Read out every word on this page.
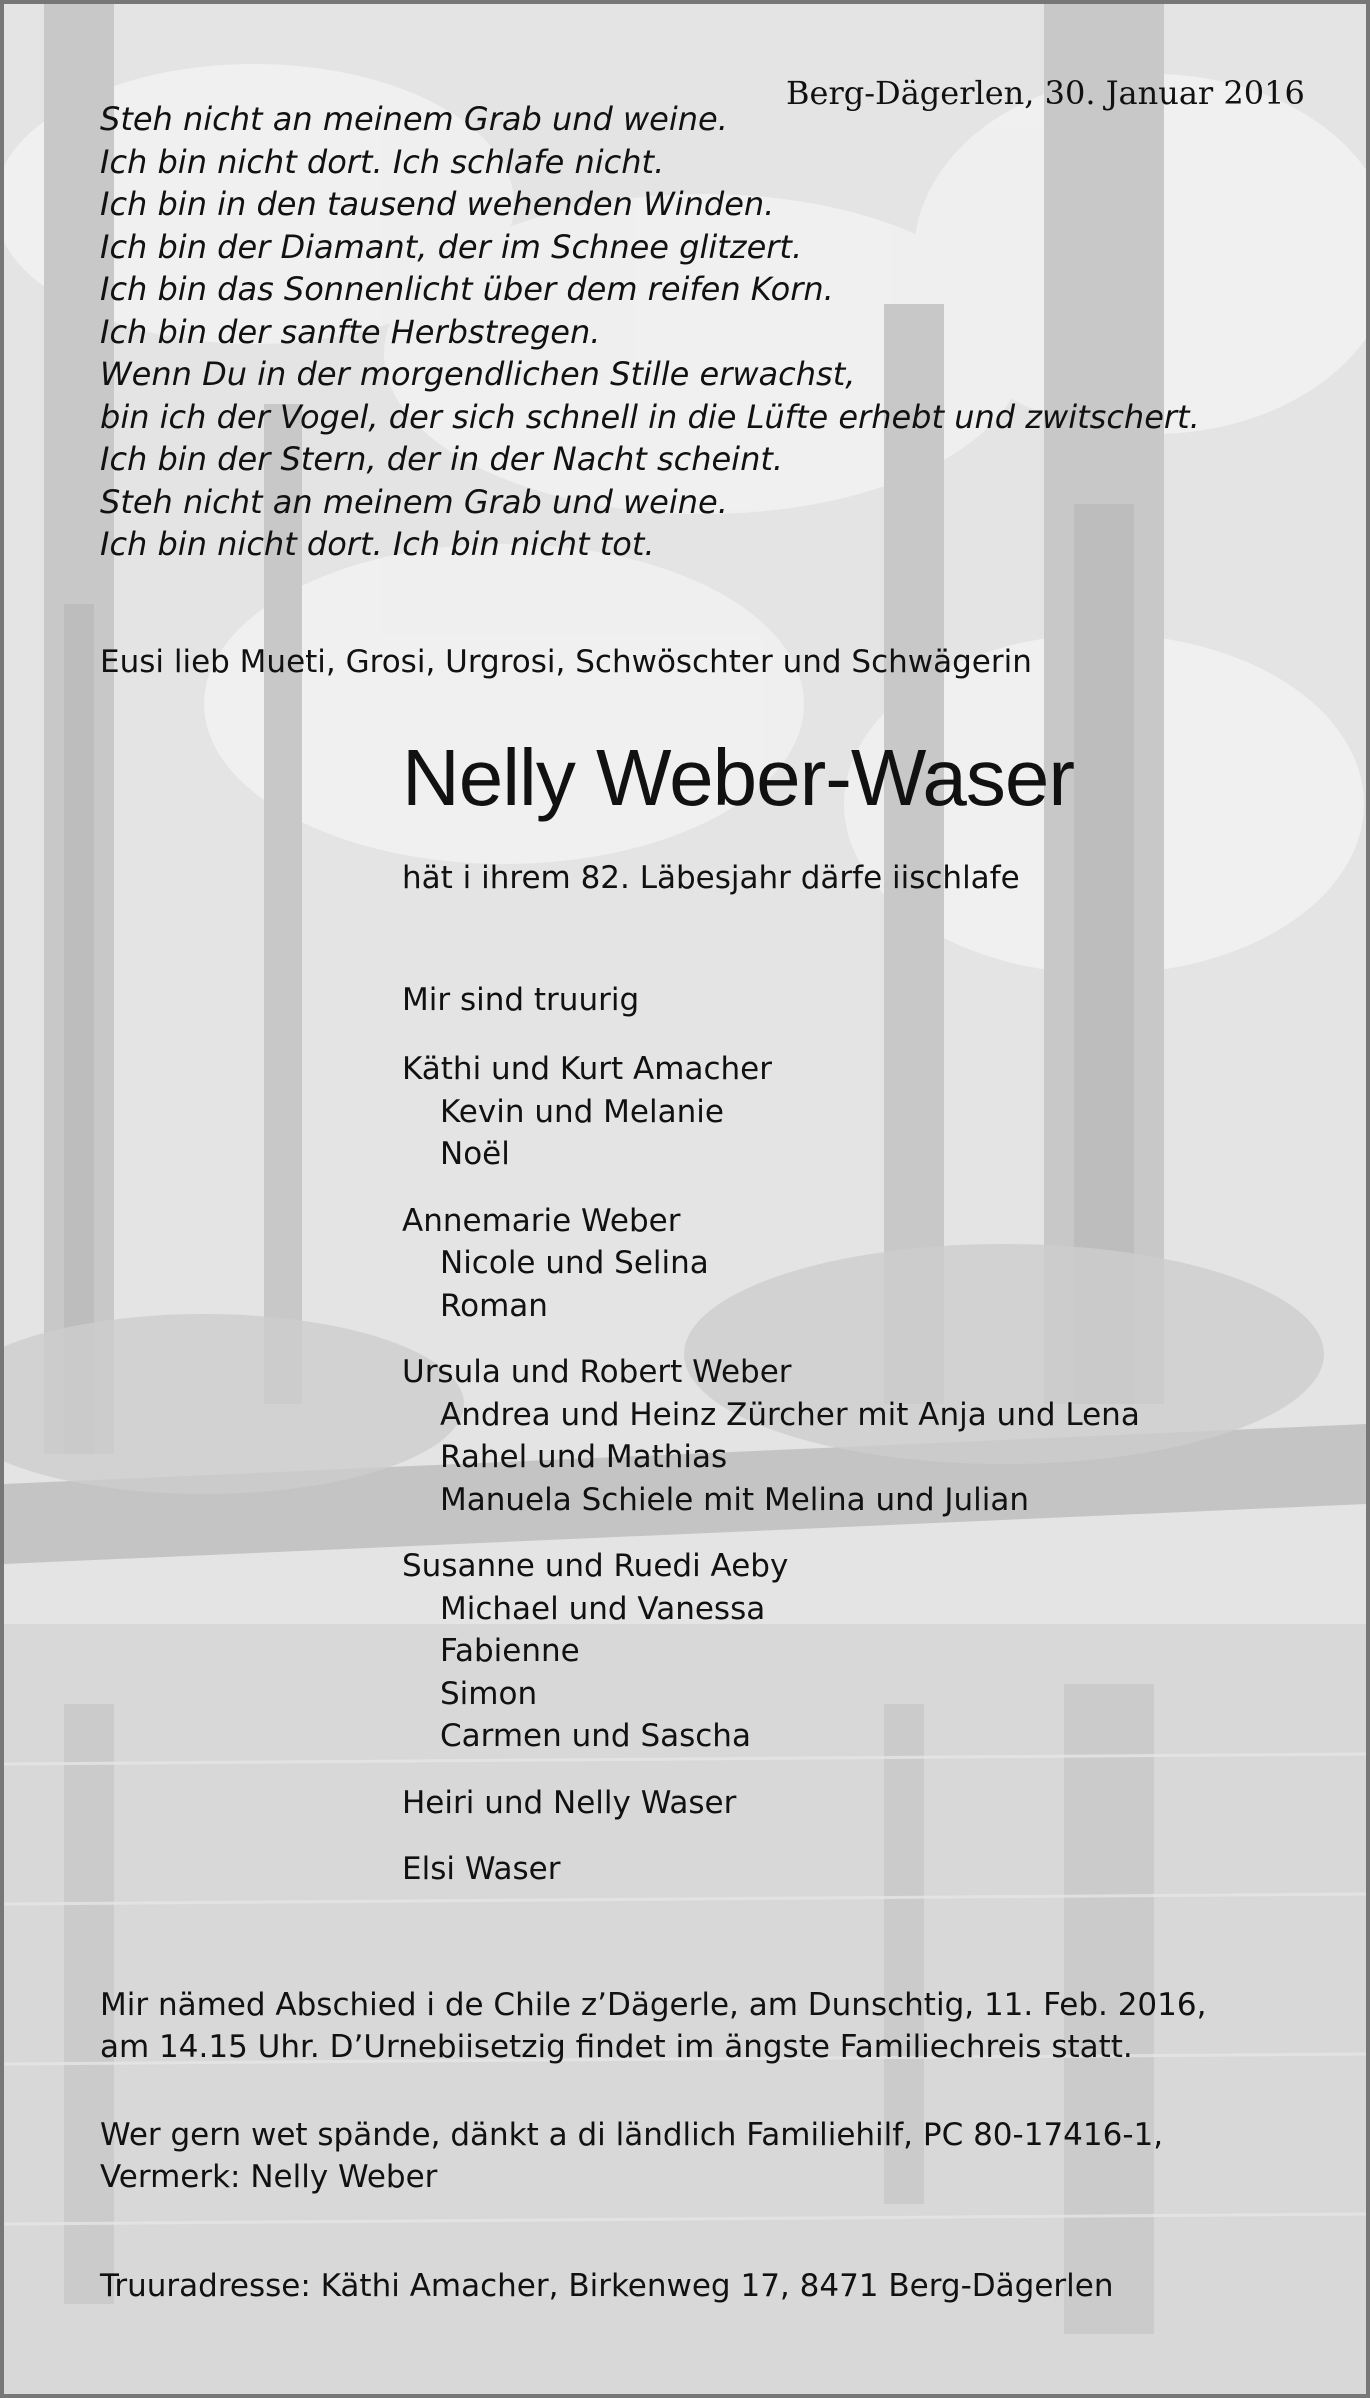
Berg-Dägerlen, 30. Januar 2016
Steh nicht an meinem Grab und weine.
Ich bin nicht dort. Ich schlafe nicht.
Ich bin in den tausend wehenden Winden.
Ich bin der Diamant, der im Schnee glitzert.
Ich bin das Sonnenlicht über dem reifen Korn.
Ich bin der sanfte Herbstregen.
Wenn Du in der morgendlichen Stille erwachst,
bin ich der Vogel, der sich schnell in die Lüfte erhebt und zwitschert.
Ich bin der Stern, der in der Nacht scheint.
Steh nicht an meinem Grab und weine.
Ich bin nicht dort. Ich bin nicht tot.
Eusi lieb Mueti, Grosi, Urgrosi, Schwöschter und Schwägerin
Nelly Weber-Waser
hät i ihrem 82. Läbesjahr därfe iischlafe
Mir sind truurig
Käthi und Kurt Amacher
Kevin und Melanie
Noël
Annemarie Weber
Nicole und Selina
Roman
Ursula und Robert Weber
Andrea und Heinz Zürcher mit Anja und Lena
Rahel und Mathias
Manuela Schiele mit Melina und Julian
Susanne und Ruedi Aeby
Michael und Vanessa
Fabienne
Simon
Carmen und Sascha
Heiri und Nelly Waser
Elsi Waser
Mir nämed Abschied i de Chile z’Dägerle, am Dunschtig, 11. Feb. 2016,
am 14.15 Uhr. D’Urnebiisetzig findet im ängste Familiechreis statt.
Wer gern wet spände, dänkt a di ländlich Familiehilf, PC 80-17416-1,
Vermerk: Nelly Weber
Truuradresse: Käthi Amacher, Birkenweg 17, 8471 Berg-Dägerlen
